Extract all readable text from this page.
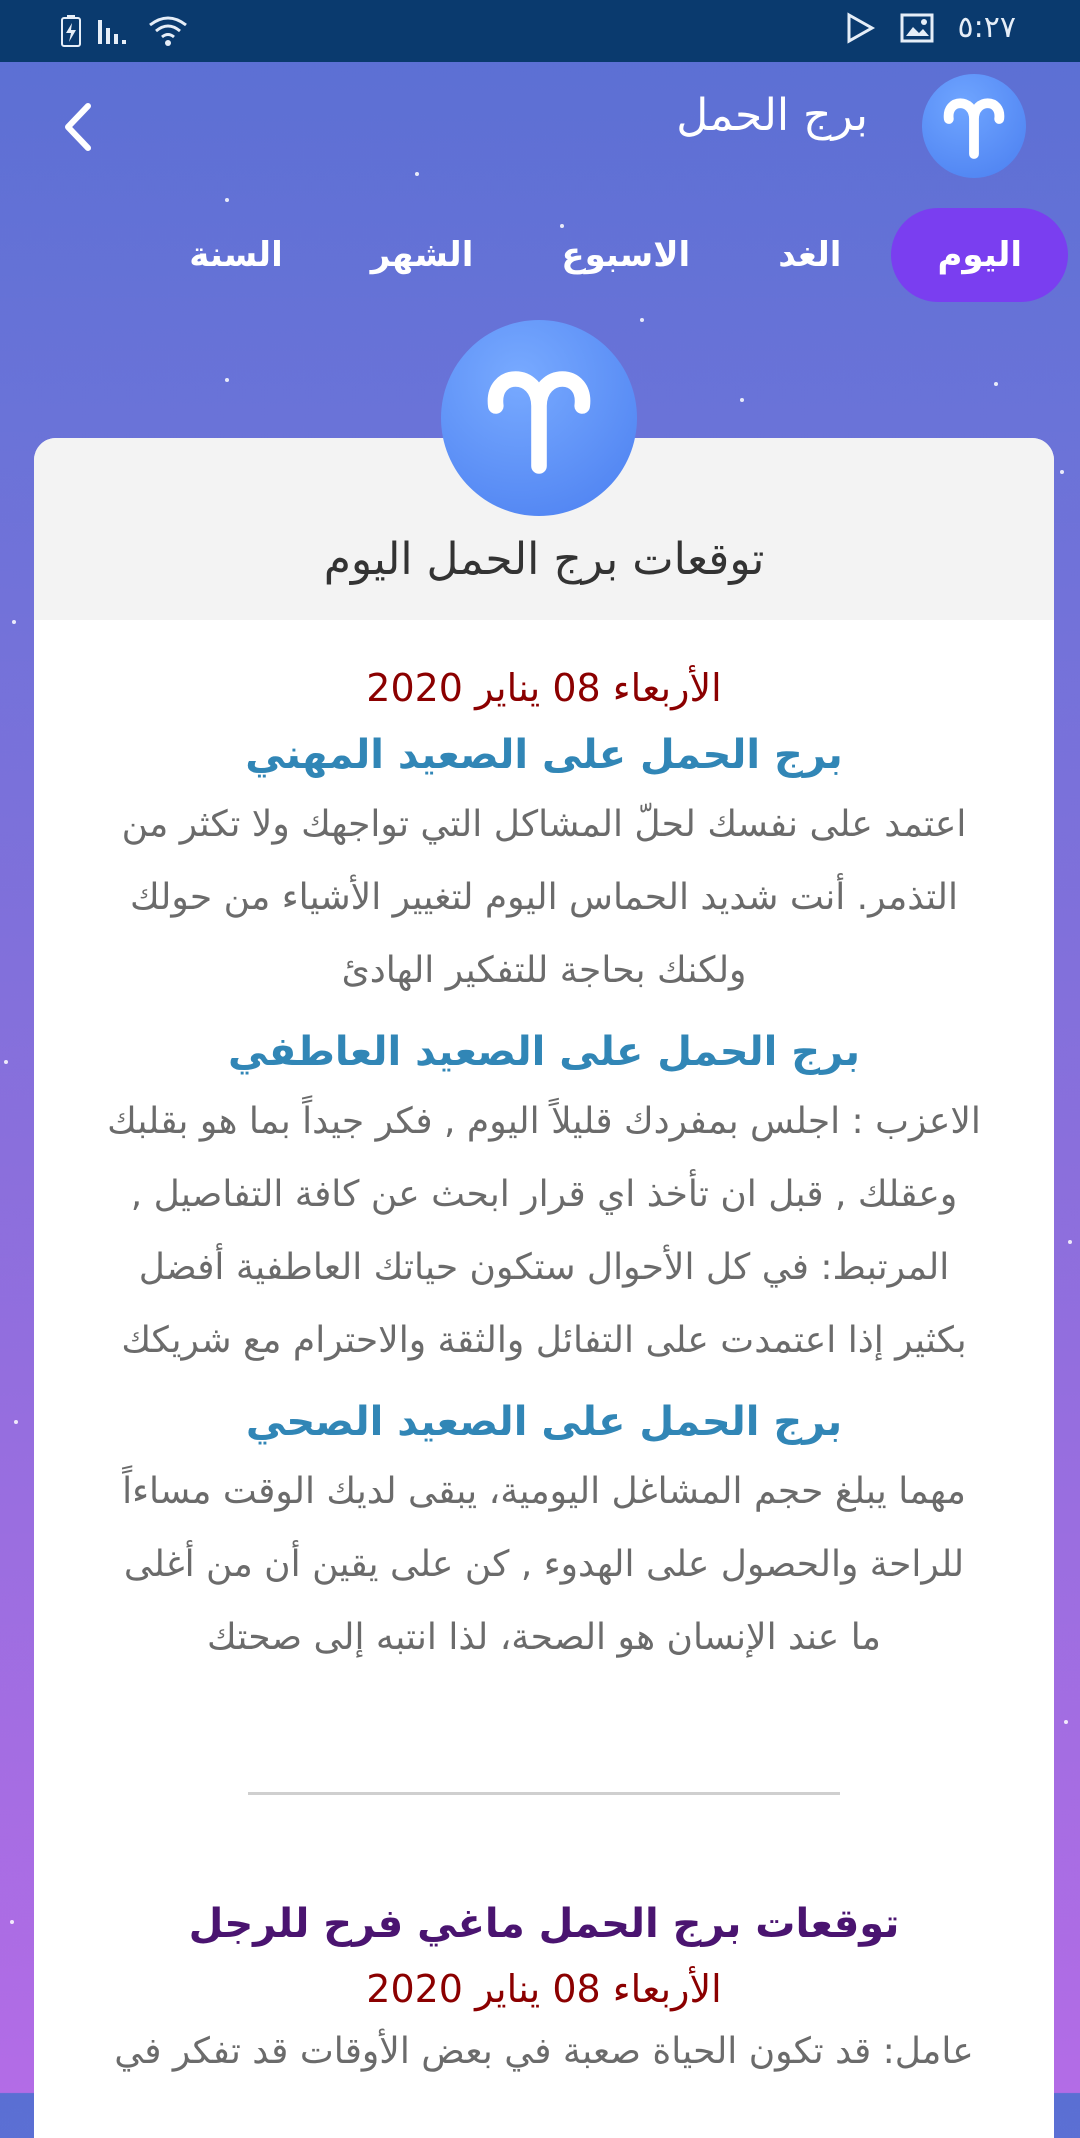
٥:٢٧
برج الحمل
اليوم
الغد
الاسبوع
الشهر
السنة
توقعات برج الحمل اليوم
الأربعاء 08 يناير 2020
برج الحمل على الصعيد المهني
اعتمد على نفسك لحلّ المشاكل التي تواجهك ولا تكثر من
التذمر. أنت شديد الحماس اليوم لتغيير الأشياء من حولك
ولكنك بحاجة للتفكير الهادئ
برج الحمل على الصعيد العاطفي
الاعزب : اجلس بمفردك قليلاً اليوم , فكر جيداً بما هو بقلبك
وعقلك , قبل ان تأخذ اي قرار ابحث عن كافة التفاصيل ,
المرتبط: في كل الأحوال ستكون حياتك العاطفية أفضل
بكثير إذا اعتمدت على التفائل والثقة والاحترام مع شريكك
برج الحمل على الصعيد الصحي
مهما يبلغ حجم المشاغل اليومية، يبقى لديك الوقت مساءاً
للراحة والحصول على الهدوء , كن على يقين أن من أغلى
ما عند الإنسان هو الصحة، لذا انتبه إلى صحتك
توقعات برج الحمل ماغي فرح للرجل
الأربعاء 08 يناير 2020
عامل: قد تكون الحياة صعبة في بعض الأوقات قد تفكر في
